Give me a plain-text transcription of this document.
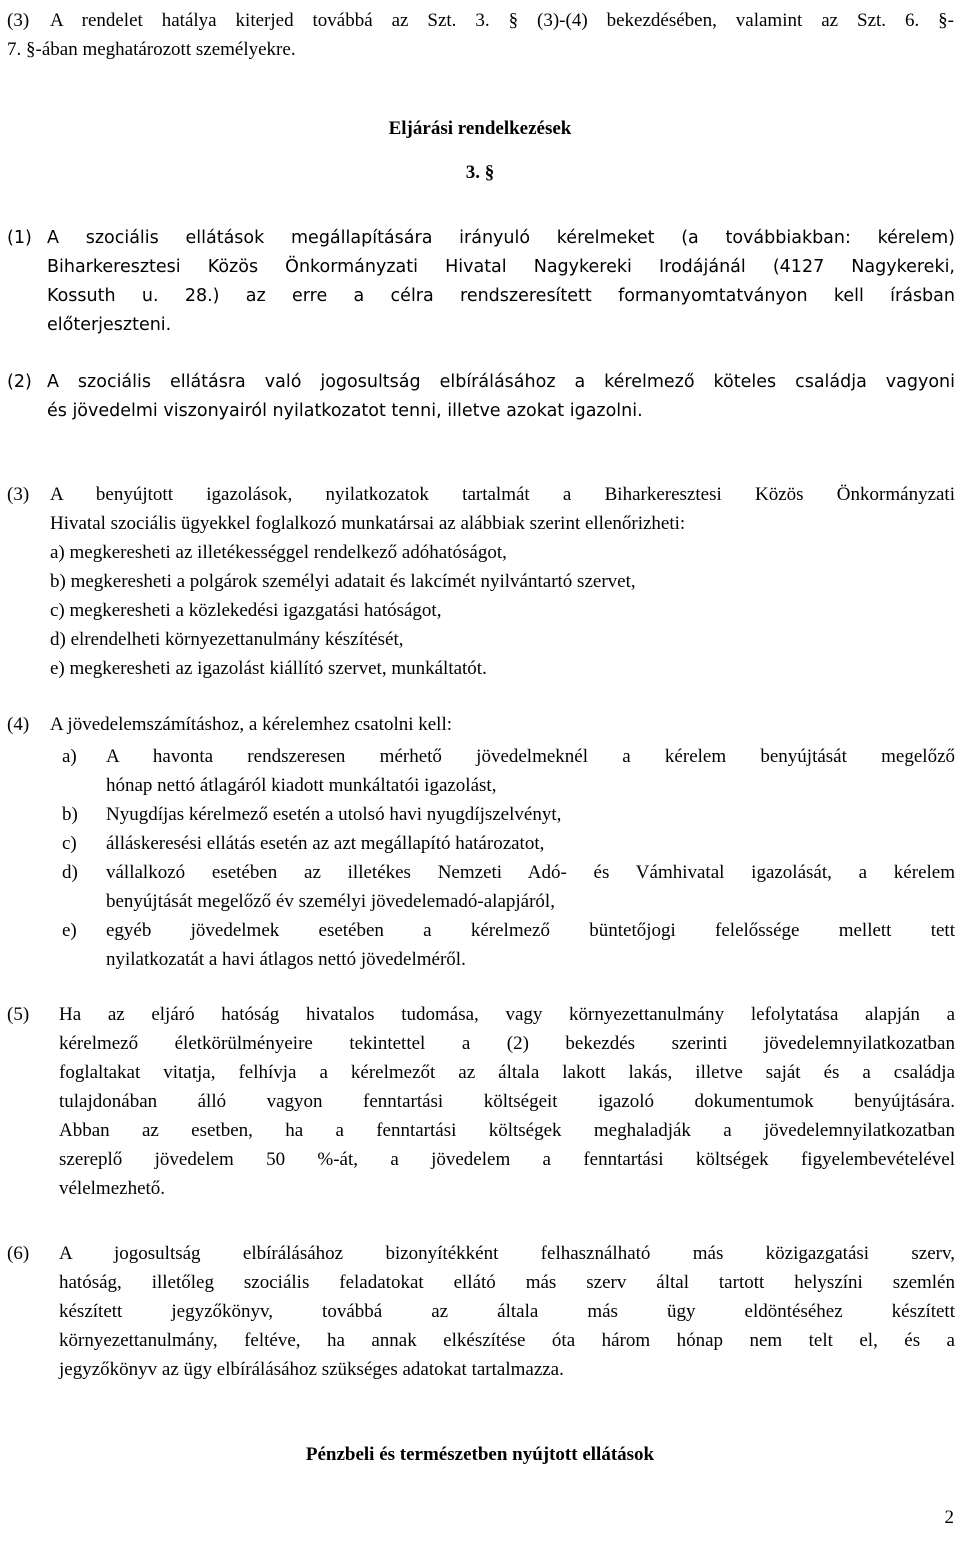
(3) A rendelet hatálya kiterjed továbbá az Szt. 3. § (3)-(4) bekezdésében, valamint az Szt. 6. §-
7. §-ában meghatározott személyekre.
Eljárási rendelkezések
3. §
(1) A szociális ellátások megállapítására irányuló kérelmeket (a továbbiakban: kérelem)
Biharkeresztesi Közös Önkormányzati Hivatal Nagykereki Irodájánál (4127 Nagykereki,
Kossuth u. 28.) az erre a célra rendszeresített formanyomtatványon kell írásban
előterjeszteni.
(2) A szociális ellátásra való jogosultság elbírálásához a kérelmező köteles családja vagyoni
és jövedelmi viszonyairól nyilatkozatot tenni, illetve azokat igazolni.
(3) A benyújtott igazolások, nyilatkozatok tartalmát a Biharkeresztesi Közös Önkormányzati
Hivatal szociális ügyekkel foglalkozó munkatársai az alábbiak szerint ellenőrizheti:
a) megkeresheti az illetékességgel rendelkező adóhatóságot,
b) megkeresheti a polgárok személyi adatait és lakcímét nyilvántartó szervet,
c) megkeresheti a közlekedési igazgatási hatóságot,
d) elrendelheti környezettanulmány készítését,
e) megkeresheti az igazolást kiállító szervet, munkáltatót.
(4) A jövedelemszámításhoz, a kérelemhez csatolni kell:
a) A havonta rendszeresen mérhető jövedelmeknél a kérelem benyújtását megelőző
hónap nettó átlagáról kiadott munkáltatói igazolást,
b) Nyugdíjas kérelmező esetén a utolsó havi nyugdíjszelvényt,
c) álláskeresési ellátás esetén az azt megállapító határozatot,
d) vállalkozó esetében az illetékes Nemzeti Adó- és Vámhivatal igazolását, a kérelem
benyújtását megelőző év személyi jövedelemadó-alapjáról,
e) egyéb jövedelmek esetében a kérelmező büntetőjogi felelőssége mellett tett
nyilatkozatát a havi átlagos nettó jövedelméről.
(5) Ha az eljáró hatóság hivatalos tudomása, vagy környezettanulmány lefolytatása alapján a
kérelmező életkörülményeire tekintettel a (2) bekezdés szerinti jövedelemnyilatkozatban
foglaltakat vitatja, felhívja a kérelmezőt az általa lakott lakás, illetve saját és a családja
tulajdonában álló vagyon fenntartási költségeit igazoló dokumentumok benyújtására.
Abban az esetben, ha a fenntartási költségek meghaladják a jövedelemnyilatkozatban
szereplő jövedelem 50 %-át, a jövedelem a fenntartási költségek figyelembevételével
vélelmezhető.
(6) A jogosultság elbírálásához bizonyítékként felhasználható más közigazgatási szerv,
hatóság, illetőleg szociális feladatokat ellátó más szerv által tartott helyszíni szemlén
készített jegyzőkönyv, továbbá az általa más ügy eldöntéséhez készített
környezettanulmány, feltéve, ha annak elkészítése óta három hónap nem telt el, és a
jegyzőkönyv az ügy elbírálásához szükséges adatokat tartalmazza.
Pénzbeli és természetben nyújtott ellátások
2
